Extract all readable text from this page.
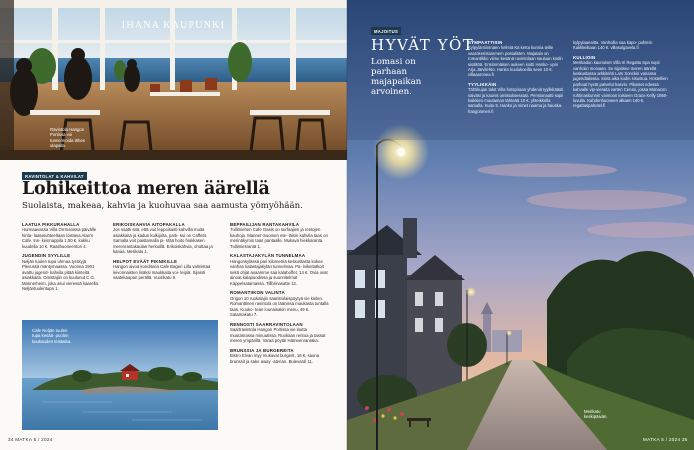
IHANA KAUPUNKI
Ravintola Hangon Portissa voi tunnelmoida lähes ulapalla.
RAVINTOLAT & KAHVILAT
Lohikeittoa meren äärellä
Suolaista, makeaa, kahvia ja kuohuvaa saa aamusta yömyöhään.
LAATUA PIKKURAHALLA
Hurmaavassa Villa Orrmanissa päivälle hinta- laatusuhteeltaan loistava Alan's Cafe. Ins- keinnappila 1,50 €, kakku kuudella 10 €. Raatihuoneentori 4.
JUGENDIN SYYLILLE
Neljän tuulen tupa uhmaa tyrskyjä Plevussä mäntymaassa. Vuonna 1901 avattu jugend- kahvila pitää kiinteitä asiakkaita. Omistajiin on kuulunut C.G. Mannerheim, joka asui vieressä kaarella. Neljäntuulentupa 1.
ERIKOISKAHVIA AITOPAKALLA
Jos naatti sitä, että voit leppoisasti kahvilla muita asiakkaita ja kadun kulkijoita, park- kui on Caffetit. Samalla voit paistamalla pi- stää hoito hiukkasen merenrantakaulan herkuillä. Erikoiskahvia, ohuttaa ja kanaa. Merikatu 1.
HELPOT EVÄÄT PIKNIKILLE
Hangon aivoa konditoria Cafe Bageri Lilla valmistaa leivonnaisten lisäksi maukkaita voi- leipiä. Sijainti vaatekaupan perällä. Vuorikatu 9.
BEPPAILIJAN RANTAKAHVILA
Tullimiehen Cafe Oasis on surfaajien ja rentojen kauhoja. Manner-Suomen ete- läisin kahvila taas on merinäkymin taas pantaalle. Mukava hiekkaranta. Tullimiesrantä 1.
KALASTAJAKYLÄN TUNNELMAA
Hangonkylässä pari kilometriä keskustasta kokee vanhan kalastajakylän tunnelmaa. Pa- lvikeitatkoit sekä ohjat avaamme saa kalaboffet, 14 €. Ovia ovat ainoat kalapuodissa ja suunnitelmat Kappelsatamassa. Tillbrinasatte 12.
ROMANTIIKON VALINTA
Origon 10 ruokalajin saaristolaispöytyä vie kielen. Romanttinen ravintola on läänissa maukasta tuntalla taas. Kuuko- tean lounaisakin menu, 49 €. Satamakatu 7.
RENNOSTI SAARRAVINTOLAAN
Saartravintola Hangon Portissa vie lautta muutamassa minuutissa. Ruokaan rentoa ja tassat meren ympärillä. Varaa pöytä! Hämeenrantaka.
BRUNSSIA JA BURGEREITA
Bistro Elvan myy mukavat burgerit, 16 €, sauna brunssit ja sake away -aterian. Bulevardi 11.
Cafe Neljän tuulen tupa kesää- puolen kuukauden teistatsa.
34 MATKA 5 / 2024
MAJOITUS
HYVÄT YÖT
Lomasi on parhaan majapaikan arvoinen.
SYMPAATTISIN
Kylpylämiinmäen helmiä Kä kerta kunnia teille vaarokeristammem postalisten. Majatalo on romantikko viime kesänä ravintolaan sauluan kodin sisältöä. Ensimmäisen aukeen soitti Hanko- upin Arja Järvilehto. Hanko kuulukoeilla seen 10 €. villaaaronea.fi
TYYLIKKÄIN
Tähtikujan talot Villa hotspiraan yhdeniä tyylikkäästi saiväsi ja kaunis omistuksessasi. Pensionaatti sopii kaikkien muutaman tähteää 10 €, yhteikkolla samalla. Kuitu 5. Hanko ja nimet naama ja hauska. hangonmeri.fi
kylpylaaeaitta. Vanhoilla saa kapo- puhtein. Kalikkeiltaan 140 €. villasulgavela.fi
KULLIOIN
Merikadun kaunoiset Villa tri Regatta Spa sopii vanhoiin moniaan. Se sijaitsee meren äärellä keskustassa arkkitehti Lars Sonckin vanassa jugendtalossa. Siinä aika kodin sisustua. Hostellien parhaat hyvät palvelut kasvin. Pikaiset edessä kahvalle vip-vieraita varten Ceruni, jossa Monacon ruhtinaskunnin vaimoon loisteen Grace Kelly 1950-luvulla. Kahdenhuoneen alkaen 140 €. regattaspahotel.fi
Merikatu keskipäivän.
MATKA 5 / 2024 35
